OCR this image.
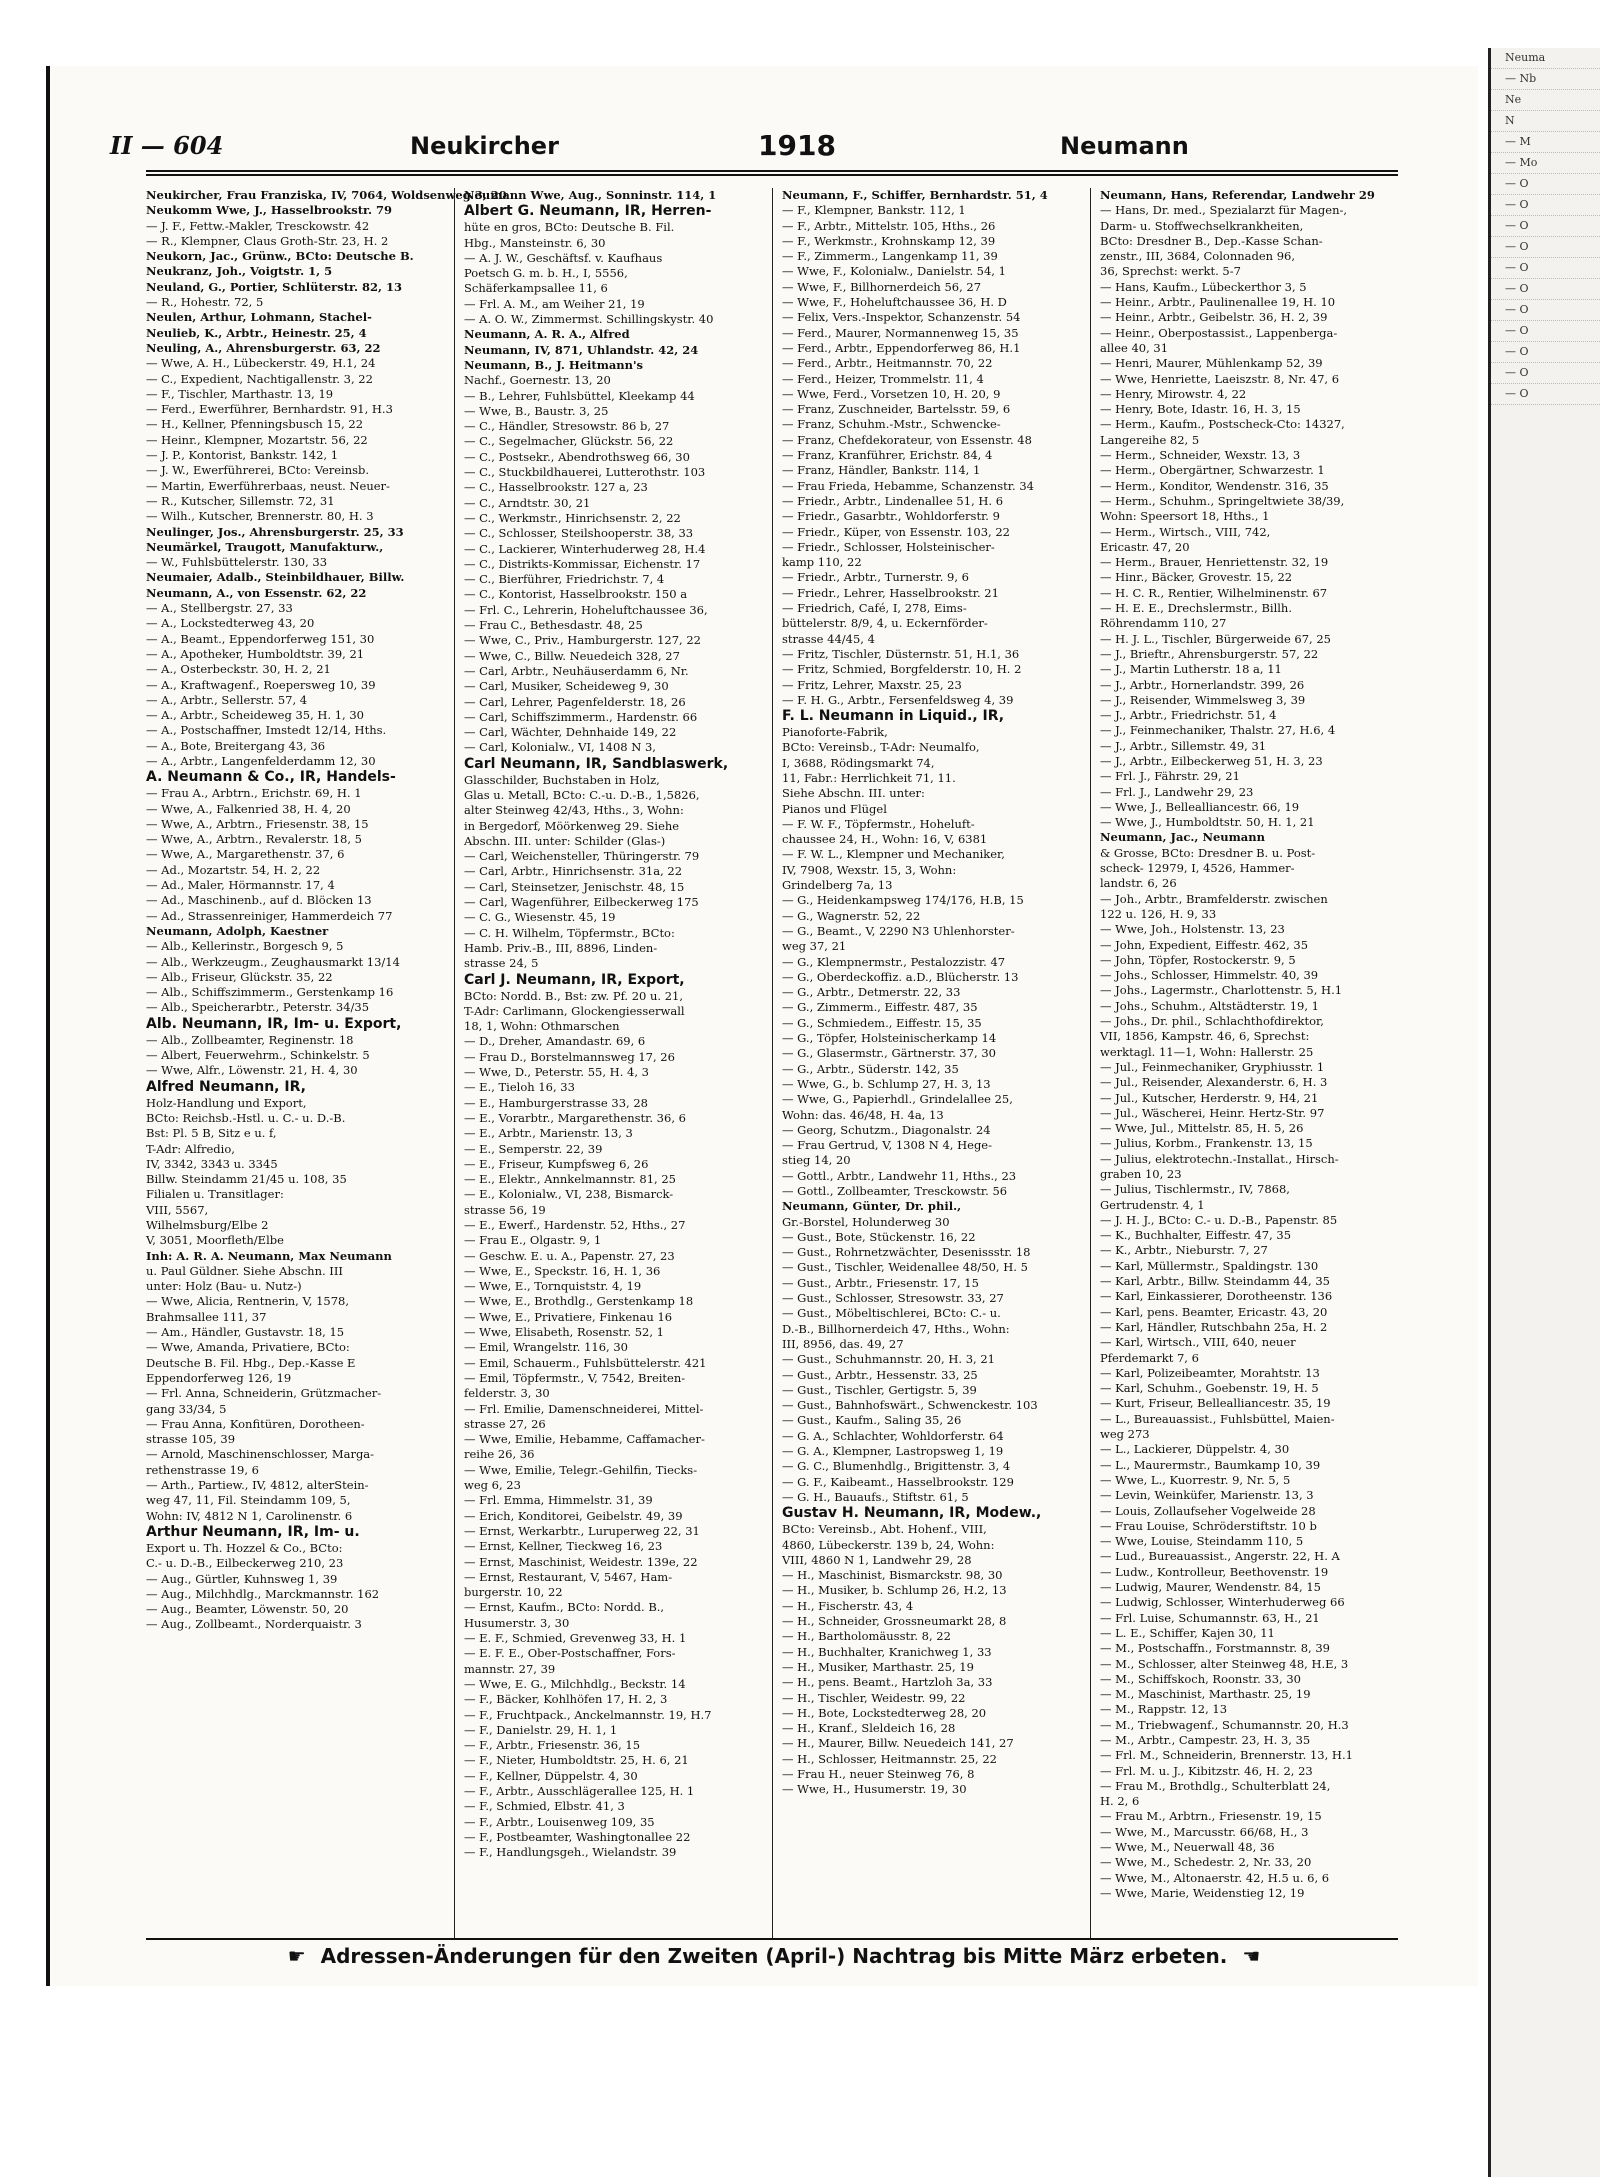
Neuma
— Nb
Ne
N
— M
— Mo
— O
— O
— O
— O
— O
— O
— O
— O
— O
— O
— O
II — 604	Neukircher	1918	Neumann
Neukircher, Frau Franziska, IV, 7064, Woldsenweg 3, 20
Neukomm Wwe, J., Hasselbrookstr. 79
— J. F., Fettw.-Makler, Tresckowstr. 42
— R., Klempner, Claus Groth-Str. 23, H. 2
Neukorn, Jac., Grünw., BCto: Deutsche B.
Neukranz, Joh., Voigtstr. 1, 5
Neuland, G., Portier, Schlüterstr. 82, 13
— R., Hohestr. 72, 5
Neulen, Arthur, Lohmann, Stachel-
Neulieb, K., Arbtr., Heinestr. 25, 4
Neuling, A., Ahrensburgerstr. 63, 22
— Wwe, A. H., Lübeckerstr. 49, H.1, 24
— C., Expedient, Nachtigallenstr. 3, 22
— F., Tischler, Marthastr. 13, 19
— Ferd., Ewerführer, Bernhardstr. 91, H.3
— H., Kellner, Pfenningsbusch 15, 22
— Heinr., Klempner, Mozartstr. 56, 22
— J. P., Kontorist, Bankstr. 142, 1
— J. W., Ewerführerei, BCto: Vereinsb.
— Martin, Ewerführerbaas, neust. Neuer-
— R., Kutscher, Sillemstr. 72, 31
— Wilh., Kutscher, Brennerstr. 80, H. 3
Neulinger, Jos., Ahrensburgerstr. 25, 33
Neumärkel, Traugott, Manufakturw.,
— W., Fuhlsbüttelerstr. 130, 33
Neumaier, Adalb., Steinbildhauer, Billw.
Neumann, A., von Essenstr. 62, 22
— A., Stellbergstr. 27, 33
— A., Lockstedterweg 43, 20
— A., Beamt., Eppendorferweg 151, 30
— A., Apotheker, Humboldtstr. 39, 21
— A., Osterbeckstr. 30, H. 2, 21
— A., Kraftwagenf., Roepersweg 10, 39
— A., Arbtr., Sellerstr. 57, 4
— A., Arbtr., Scheideweg 35, H. 1, 30
— A., Postschaffner, Imstedt 12/14, Hths.
— A., Bote, Breitergang 43, 36
— A., Arbtr., Langenfelderdamm 12, 30
A. Neumann & Co., IR, Handels-
— Frau A., Arbtrn., Erichstr. 69, H. 1
— Wwe, A., Falkenried 38, H. 4, 20
— Wwe, A., Arbtrn., Friesenstr. 38, 15
— Wwe, A., Arbtrn., Revalerstr. 18, 5
— Wwe, A., Margarethenstr. 37, 6
— Ad., Mozartstr. 54, H. 2, 22
— Ad., Maler, Hörmannstr. 17, 4
— Ad., Maschinenb., auf d. Blöcken 13
— Ad., Strassenreiniger, Hammerdeich 77
Neumann, Adolph, Kaestner
— Alb., Kellerinstr., Borgesch 9, 5
— Alb., Werkzeugm., Zeughausmarkt 13/14
— Alb., Friseur, Glückstr. 35, 22
— Alb., Schiffszimmerm., Gerstenkamp 16
— Alb., Speicherarbtr., Peterstr. 34/35
Alb. Neumann, IR, Im- u. Export,
— Alb., Zollbeamter, Reginenstr. 18
— Albert, Feuerwehrm., Schinkelstr. 5
— Wwe, Alfr., Löwenstr. 21, H. 4, 30
Alfred Neumann, IR,
Holz-Handlung und Export,
BCto: Reichsb.-Hstl. u. C.- u. D.-B.
Bst: Pl. 5 B, Sitz e u. f,
T-Adr: Alfredio,
IV, 3342, 3343 u. 3345
Billw. Steindamm 21/45 u. 108, 35
Filialen u. Transitlager:
VIII, 5567,
Wilhelmsburg/Elbe 2
V, 3051, Moorfleth/Elbe
Inh: A. R. A. Neumann, Max Neumann
u. Paul Güldner. Siehe Abschn. III
unter: Holz (Bau- u. Nutz-)
— Wwe, Alicia, Rentnerin, V, 1578,
Brahmsallee 111, 37
— Am., Händler, Gustavstr. 18, 15
— Wwe, Amanda, Privatiere, BCto:
Deutsche B. Fil. Hbg., Dep.-Kasse E
Eppendorferweg 126, 19
— Frl. Anna, Schneiderin, Grützmacher-
gang 33/34, 5
— Frau Anna, Konfitüren, Dorotheen-
strasse 105, 39
— Arnold, Maschinenschlosser, Marga-
rethenstrasse 19, 6
— Arth., Partiew., IV, 4812, alterStein-
weg 47, 11, Fil. Steindamm 109, 5,
Wohn: IV, 4812 N 1, Carolinenstr. 6
Arthur Neumann, IR, Im- u.
Export u. Th. Hozzel & Co., BCto:
C.- u. D.-B., Eilbeckerweg 210, 23
— Aug., Gürtler, Kuhnsweg 1, 39
— Aug., Milchhdlg., Marckmannstr. 162
— Aug., Beamter, Löwenstr. 50, 20
— Aug., Zollbeamt., Norderquaistr. 3
Neumann Wwe, Aug., Sonninstr. 114, 1
Albert G. Neumann, IR, Herren-
hüte en gros, BCto: Deutsche B. Fil.
Hbg., Mansteinstr. 6, 30
— A. J. W., Geschäftsf. v. Kaufhaus
Poetsch G. m. b. H., I, 5556,
Schäferkampsallee 11, 6
— Frl. A. M., am Weiher 21, 19
— A. O. W., Zimmermst. Schillingskystr. 40
Neumann, A. R. A., Alfred
Neumann, IV, 871, Uhlandstr. 42, 24
Neumann, B., J. Heitmann's
Nachf., Goernestr. 13, 20
— B., Lehrer, Fuhlsbüttel, Kleekamp 44
— Wwe, B., Baustr. 3, 25
— C., Händler, Stresowstr. 86 b, 27
— C., Segelmacher, Glückstr. 56, 22
— C., Postsekr., Abendrothsweg 66, 30
— C., Stuckbildhauerei, Lutterothstr. 103
— C., Hasselbrookstr. 127 a, 23
— C., Arndtstr. 30, 21
— C., Werkmstr., Hinrichsenstr. 2, 22
— C., Schlosser, Steilshooperstr. 38, 33
— C., Lackierer, Winterhuderweg 28, H.4
— C., Distrikts-Kommissar, Eichenstr. 17
— C., Bierführer, Friedrichstr. 7, 4
— C., Kontorist, Hasselbrookstr. 150 a
— Frl. C., Lehrerin, Hoheluftchaussee 36,
— Frau C., Bethesdastr. 48, 25
— Wwe, C., Priv., Hamburgerstr. 127, 22
— Wwe, C., Billw. Neuedeich 328, 27
— Carl, Arbtr., Neuhäuserdamm 6, Nr.
— Carl, Musiker, Scheideweg 9, 30
— Carl, Lehrer, Pagenfelderstr. 18, 26
— Carl, Schiffszimmerm., Hardenstr. 66
— Carl, Wächter, Dehnhaide 149, 22
— Carl, Kolonialw., VI, 1408 N 3,
Carl Neumann, IR, Sandblaswerk,
Glasschilder, Buchstaben in Holz,
Glas u. Metall, BCto: C.-u. D.-B., 1,5826,
alter Steinweg 42/43, Hths., 3, Wohn:
in Bergedorf, Möörkenweg 29. Siehe
Abschn. III. unter: Schilder (Glas-)
— Carl, Weichensteller, Thüringerstr. 79
— Carl, Arbtr., Hinrichsenstr. 31a, 22
— Carl, Steinsetzer, Jenischstr. 48, 15
— Carl, Wagenführer, Eilbeckerweg 175
— C. G., Wiesenstr. 45, 19
— C. H. Wilhelm, Töpfermstr., BCto:
Hamb. Priv.-B., III, 8896, Linden-
strasse 24, 5
Carl J. Neumann, IR, Export,
BCto: Nordd. B., Bst: zw. Pf. 20 u. 21,
T-Adr: Carlimann, Glockengiesserwall
18, 1, Wohn: Othmarschen
— D., Dreher, Amandastr. 69, 6
— Frau D., Borstelmannsweg 17, 26
— Wwe, D., Peterstr. 55, H. 4, 3
— E., Tieloh 16, 33
— E., Hamburgerstrasse 33, 28
— E., Vorarbtr., Margarethenstr. 36, 6
— E., Arbtr., Marienstr. 13, 3
— E., Semperstr. 22, 39
— E., Friseur, Kumpfsweg 6, 26
— E., Elektr., Annkelmannstr. 81, 25
— E., Kolonialw., VI, 238, Bismarck-
strasse 56, 19
— E., Ewerf., Hardenstr. 52, Hths., 27
— Frau E., Olgastr. 9, 1
— Geschw. E. u. A., Papenstr. 27, 23
— Wwe, E., Speckstr. 16, H. 1, 36
— Wwe, E., Tornquiststr. 4, 19
— Wwe, E., Brothdlg., Gerstenkamp 18
— Wwe, E., Privatiere, Finkenau 16
— Wwe, Elisabeth, Rosenstr. 52, 1
— Emil, Wrangelstr. 116, 30
— Emil, Schauerm., Fuhlsbüttelerstr. 421
— Emil, Töpfermstr., V, 7542, Breiten-
felderstr. 3, 30
— Frl. Emilie, Damenschneiderei, Mittel-
strasse 27, 26
— Wwe, Emilie, Hebamme, Caffamacher-
reihe 26, 36
— Wwe, Emilie, Telegr.-Gehilfin, Tiecks-
weg 6, 23
— Frl. Emma, Himmelstr. 31, 39
— Erich, Konditorei, Geibelstr. 49, 39
— Ernst, Werkarbtr., Luruperweg 22, 31
— Ernst, Kellner, Tieckweg 16, 23
— Ernst, Maschinist, Weidestr. 139e, 22
— Ernst, Restaurant, V, 5467, Ham-
burgerstr. 10, 22
— Ernst, Kaufm., BCto: Nordd. B.,
Husumerstr. 3, 30
— E. F., Schmied, Grevenweg 33, H. 1
— E. F. E., Ober-Postschaffner, Fors-
mannstr. 27, 39
— Wwe, E. G., Milchhdlg., Beckstr. 14
— F., Bäcker, Kohlhöfen 17, H. 2, 3
— F., Fruchtpack., Anckelmannstr. 19, H.7
— F., Danielstr. 29, H. 1, 1
— F., Arbtr., Friesenstr. 36, 15
— F., Nieter, Humboldtstr. 25, H. 6, 21
— F., Kellner, Düppelstr. 4, 30
— F., Arbtr., Ausschlägerallee 125, H. 1
— F., Schmied, Elbstr. 41, 3
— F., Arbtr., Louisenweg 109, 35
— F., Postbeamter, Washingtonallee 22
— F., Handlungsgeh., Wielandstr. 39
Neumann, F., Schiffer, Bernhardstr. 51, 4
— F., Klempner, Bankstr. 112, 1
— F., Arbtr., Mittelstr. 105, Hths., 26
— F., Werkmstr., Krohnskamp 12, 39
— F., Zimmerm., Langenkamp 11, 39
— Wwe, F., Kolonialw., Danielstr. 54, 1
— Wwe, F., Billhornerdeich 56, 27
— Wwe, F., Hoheluftchaussee 36, H. D
— Felix, Vers.-Inspektor, Schanzenstr. 54
— Ferd., Maurer, Normannenweg 15, 35
— Ferd., Arbtr., Eppendorferweg 86, H.1
— Ferd., Arbtr., Heitmannstr. 70, 22
— Ferd., Heizer, Trommelstr. 11, 4
— Wwe, Ferd., Vorsetzen 10, H. 20, 9
— Franz, Zuschneider, Bartelsstr. 59, 6
— Franz, Schuhm.-Mstr., Schwencke-
— Franz, Chefdekorateur, von Essenstr. 48
— Franz, Kranführer, Erichstr. 84, 4
— Franz, Händler, Bankstr. 114, 1
— Frau Frieda, Hebamme, Schanzenstr. 34
— Friedr., Arbtr., Lindenallee 51, H. 6
— Friedr., Gasarbtr., Wohldorferstr. 9
— Friedr., Küper, von Essenstr. 103, 22
— Friedr., Schlosser, Holsteinischer-
kamp 110, 22
— Friedr., Arbtr., Turnerstr. 9, 6
— Friedr., Lehrer, Hasselbrookstr. 21
— Friedrich, Café, I, 278, Eims-
büttelerstr. 8/9, 4, u. Eckernförder-
strasse 44/45, 4
— Fritz, Tischler, Düsternstr. 51, H.1, 36
— Fritz, Schmied, Borgfelderstr. 10, H. 2
— Fritz, Lehrer, Maxstr. 25, 23
— F. H. G., Arbtr., Fersenfeldsweg 4, 39
F. L. Neumann in Liquid., IR,
Pianoforte-Fabrik,
BCto: Vereinsb., T-Adr: Neumalfo,
I, 3688, Rödingsmarkt 74,
11, Fabr.: Herrlichkeit 71, 11.
Siehe Abschn. III. unter:
Pianos und Flügel
— F. W. F., Töpfermstr., Hoheluft-
chaussee 24, H., Wohn: 16, V, 6381
— F. W. L., Klempner und Mechaniker,
IV, 7908, Wexstr. 15, 3, Wohn:
Grindelberg 7a, 13
— G., Heidenkampsweg 174/176, H.B, 15
— G., Wagnerstr. 52, 22
— G., Beamt., V, 2290 N3 Uhlenhorster-
weg 37, 21
— G., Klempnermstr., Pestalozzistr. 47
— G., Oberdeckoffiz. a.D., Blücherstr. 13
— G., Arbtr., Detmerstr. 22, 33
— G., Zimmerm., Eiffestr. 487, 35
— G., Schmiedem., Eiffestr. 15, 35
— G., Töpfer, Holsteinischerkamp 14
— G., Glasermstr., Gärtnerstr. 37, 30
— G., Arbtr., Süderstr. 142, 35
— Wwe, G., b. Schlump 27, H. 3, 13
— Wwe, G., Papierhdl., Grindelallee 25,
Wohn: das. 46/48, H. 4a, 13
— Georg, Schutzm., Diagonalstr. 24
— Frau Gertrud, V, 1308 N 4, Hege-
stieg 14, 20
— Gottl., Arbtr., Landwehr 11, Hths., 23
— Gottl., Zollbeamter, Tresckowstr. 56
Neumann, Günter, Dr. phil.,
Gr.-Borstel, Holunderweg 30
— Gust., Bote, Stückenstr. 16, 22
— Gust., Rohrnetzwächter, Desenissstr. 18
— Gust., Tischler, Weidenallee 48/50, H. 5
— Gust., Arbtr., Friesenstr. 17, 15
— Gust., Schlosser, Stresowstr. 33, 27
— Gust., Möbeltischlerei, BCto: C.- u.
D.-B., Billhornerdeich 47, Hths., Wohn:
III, 8956, das. 49, 27
— Gust., Schuhmannstr. 20, H. 3, 21
— Gust., Arbtr., Hessenstr. 33, 25
— Gust., Tischler, Gertigstr. 5, 39
— Gust., Bahnhofswärt., Schwenckestr. 103
— Gust., Kaufm., Saling 35, 26
— G. A., Schlachter, Wohldorferstr. 64
— G. A., Klempner, Lastropsweg 1, 19
— G. C., Blumenhdlg., Brigittenstr. 3, 4
— G. F., Kaibeamt., Hasselbrookstr. 129
— G. H., Bauaufs., Stiftstr. 61, 5
Gustav H. Neumann, IR, Modew.,
BCto: Vereinsb., Abt. Hohenf., VIII,
4860, Lübeckerstr. 139 b, 24, Wohn:
VIII, 4860 N 1, Landwehr 29, 28
— H., Maschinist, Bismarckstr. 98, 30
— H., Musiker, b. Schlump 26, H.2, 13
— H., Fischerstr. 43, 4
— H., Schneider, Grossneumarkt 28, 8
— H., Bartholomäusstr. 8, 22
— H., Buchhalter, Kranichweg 1, 33
— H., Musiker, Marthastr. 25, 19
— H., pens. Beamt., Hartzloh 3a, 33
— H., Tischler, Weidestr. 99, 22
— H., Bote, Lockstedterweg 28, 20
— H., Kranf., Sleldeich 16, 28
— H., Maurer, Billw. Neuedeich 141, 27
— H., Schlosser, Heitmannstr. 25, 22
— Frau H., neuer Steinweg 76, 8
— Wwe, H., Husumerstr. 19, 30
Neumann, Hans, Referendar, Landwehr 29
— Hans, Dr. med., Spezialarzt für Magen-,
Darm- u. Stoffwechselkrankheiten,
BCto: Dresdner B., Dep.-Kasse Schan-
zenstr., III, 3684, Colonnaden 96,
36, Sprechst: werkt. 5-7
— Hans, Kaufm., Lübeckerthor 3, 5
— Heinr., Arbtr., Paulinenallee 19, H. 10
— Heinr., Arbtr., Geibelstr. 36, H. 2, 39
— Heinr., Oberpostassist., Lappenberga-
allee 40, 31
— Henri, Maurer, Mühlenkamp 52, 39
— Wwe, Henriette, Laeiszstr. 8, Nr. 47, 6
— Henry, Mirowstr. 4, 22
— Henry, Bote, Idastr. 16, H. 3, 15
— Herm., Kaufm., Postscheck-Cto: 14327,
Langereihe 82, 5
— Herm., Schneider, Wexstr. 13, 3
— Herm., Obergärtner, Schwarzestr. 1
— Herm., Konditor, Wendenstr. 316, 35
— Herm., Schuhm., Springeltwiete 38/39,
Wohn: Speersort 18, Hths., 1
— Herm., Wirtsch., VIII, 742,
Ericastr. 47, 20
— Herm., Brauer, Henriettenstr. 32, 19
— Hinr., Bäcker, Grovestr. 15, 22
— H. C. R., Rentier, Wilhelminenstr. 67
— H. E. E., Drechslermstr., Billh.
Röhrendamm 110, 27
— H. J. L., Tischler, Bürgerweide 67, 25
— J., Brieftr., Ahrensburgerstr. 57, 22
— J., Martin Lutherstr. 18 a, 11
— J., Arbtr., Hornerlandstr. 399, 26
— J., Reisender, Wimmelsweg 3, 39
— J., Arbtr., Friedrichstr. 51, 4
— J., Feinmechaniker, Thalstr. 27, H.6, 4
— J., Arbtr., Sillemstr. 49, 31
— J., Arbtr., Eilbeckerweg 51, H. 3, 23
— Frl. J., Fährstr. 29, 21
— Frl. J., Landwehr 29, 23
— Wwe, J., Bellealliancestr. 66, 19
— Wwe, J., Humboldtstr. 50, H. 1, 21
Neumann, Jac., Neumann
& Grosse, BCto: Dresdner B. u. Post-
scheck- 12979, I, 4526, Hammer-
landstr. 6, 26
— Joh., Arbtr., Bramfelderstr. zwischen
122 u. 126, H. 9, 33
— Wwe, Joh., Holstenstr. 13, 23
— John, Expedient, Eiffestr. 462, 35
— John, Töpfer, Rostockerstr. 9, 5
— Johs., Schlosser, Himmelstr. 40, 39
— Johs., Lagermstr., Charlottenstr. 5, H.1
— Johs., Schuhm., Altstädterstr. 19, 1
— Johs., Dr. phil., Schlachthofdirektor,
VII, 1856, Kampstr. 46, 6, Sprechst:
werktagl. 11—1, Wohn: Hallerstr. 25
— Jul., Feinmechaniker, Gryphiusstr. 1
— Jul., Reisender, Alexanderstr. 6, H. 3
— Jul., Kutscher, Herderstr. 9, H4, 21
— Jul., Wäscherei, Heinr. Hertz-Str. 97
— Wwe, Jul., Mittelstr. 85, H. 5, 26
— Julius, Korbm., Frankenstr. 13, 15
— Julius, elektrotechn.-Installat., Hirsch-
graben 10, 23
— Julius, Tischlermstr., IV, 7868,
Gertrudenstr. 4, 1
— J. H. J., BCto: C.- u. D.-B., Papenstr. 85
— K., Buchhalter, Eiffestr. 47, 35
— K., Arbtr., Nieburstr. 7, 27
— Karl, Müllermstr., Spaldingstr. 130
— Karl, Arbtr., Billw. Steindamm 44, 35
— Karl, Einkassierer, Dorotheenstr. 136
— Karl, pens. Beamter, Ericastr. 43, 20
— Karl, Händler, Rutschbahn 25a, H. 2
— Karl, Wirtsch., VIII, 640, neuer
Pferdemarkt 7, 6
— Karl, Polizeibeamter, Morahtstr. 13
— Karl, Schuhm., Goebenstr. 19, H. 5
— Kurt, Friseur, Bellealliancestr. 35, 19
— L., Bureauassist., Fuhlsbüttel, Maien-
weg 273
— L., Lackierer, Düppelstr. 4, 30
— L., Maurermstr., Baumkamp 10, 39
— Wwe, L., Kuorrestr. 9, Nr. 5, 5
— Levin, Weinküfer, Marienstr. 13, 3
— Louis, Zollaufseher Vogelweide 28
— Frau Louise, Schröderstiftstr. 10 b
— Wwe, Louise, Steindamm 110, 5
— Lud., Bureauassist., Angerstr. 22, H. A
— Ludw., Kontrolleur, Beethovenstr. 19
— Ludwig, Maurer, Wendenstr. 84, 15
— Ludwig, Schlosser, Winterhuderweg 66
— Frl. Luise, Schumannstr. 63, H., 21
— L. E., Schiffer, Kajen 30, 11
— M., Postschaffn., Forstmannstr. 8, 39
— M., Schlosser, alter Steinweg 48, H.E, 3
— M., Schiffskoch, Roonstr. 33, 30
— M., Maschinist, Marthastr. 25, 19
— M., Rappstr. 12, 13
— M., Triebwagenf., Schumannstr. 20, H.3
— M., Arbtr., Campestr. 23, H. 3, 35
— Frl. M., Schneiderin, Brennerstr. 13, H.1
— Frl. M. u. J., Kibitzstr. 46, H. 2, 23
— Frau M., Brothdlg., Schulterblatt 24,
H. 2, 6
— Frau M., Arbtrn., Friesenstr. 19, 15
— Wwe, M., Marcusstr. 66/68, H., 3
— Wwe, M., Neuerwall 48, 36
— Wwe, M., Schedestr. 2, Nr. 33, 20
— Wwe, M., Altonaerstr. 42, H.5 u. 6, 6
— Wwe, Marie, Weidenstieg 12, 19
☛ Adressen-Änderungen für den Zweiten (April-) Nachtrag bis Mitte März erbeten. ☚
